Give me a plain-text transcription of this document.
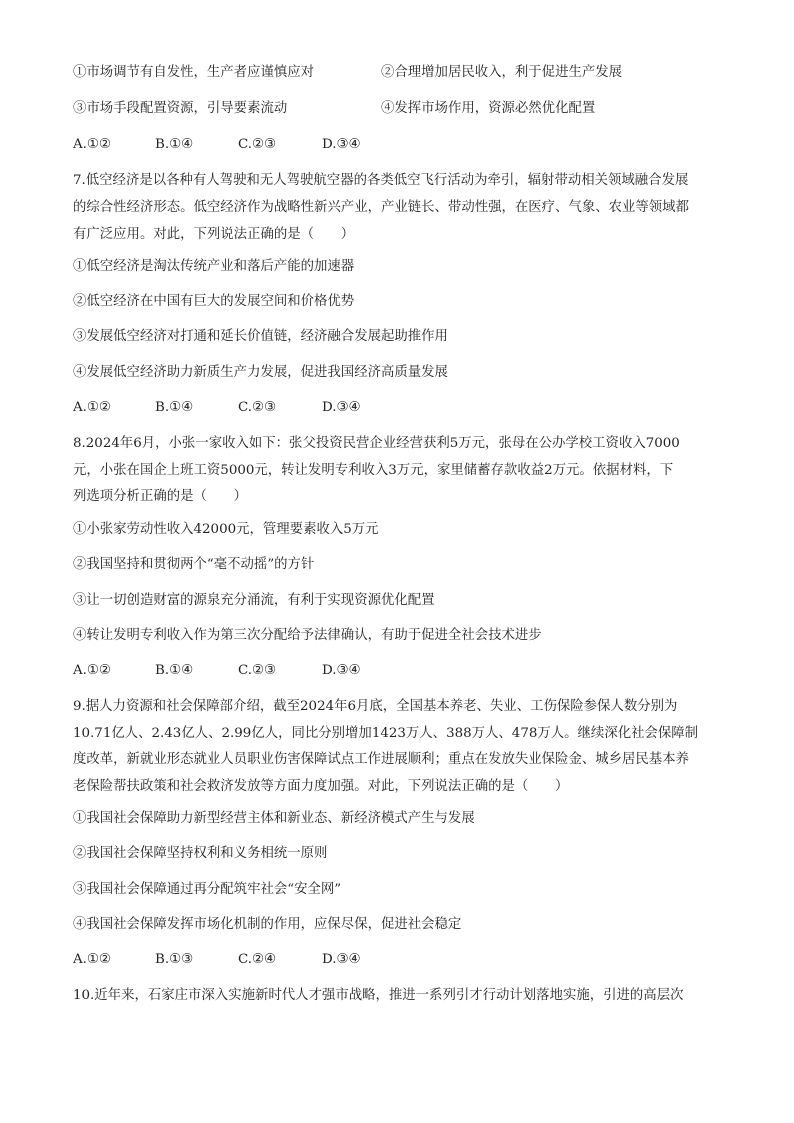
①市场调节有自发性，生产者应谨慎应对	②合理增加居民收入，利于促进生产发展
③市场手段配置资源，引导要素流动	④发挥市场作用，资源必然优化配置
A.①②	B.①④	C.②③	D.③④
7.低空经济是以各种有人驾驶和无人驾驶航空器的各类低空飞行活动为牵引，辐射带动相关领域融合发展
的综合性经济形态。低空经济作为战略性新兴产业，产业链长、带动性强，在医疗、气象、农业等领域都
有广泛应用。对此，下列说法正确的是（　　）
①低空经济是淘汰传统产业和落后产能的加速器
②低空经济在中国有巨大的发展空间和价格优势
③发展低空经济对打通和延长价值链，经济融合发展起助推作用
④发展低空经济助力新质生产力发展，促进我国经济高质量发展
A.①②	B.①④	C.②③	D.③④
8.2024年6月，小张一家收入如下：张父投资民营企业经营获利5万元，张母在公办学校工资收入7000
元，小张在国企上班工资5000元，转让发明专利收入3万元，家里储蓄存款收益2万元。依据材料，下
列选项分析正确的是（　　）
①小张家劳动性收入42000元，管理要素收入5万元
②我国坚持和贯彻两个“毫不动摇”的方针
③让一切创造财富的源泉充分涌流，有利于实现资源优化配置
④转让发明专利收入作为第三次分配给予法律确认，有助于促进全社会技术进步
A.①②	B.①④	C.②③	D.③④
9.据人力资源和社会保障部介绍，截至2024年6月底，全国基本养老、失业、工伤保险参保人数分别为
10.71亿人、2.43亿人、2.99亿人，同比分别增加1423万人、388万人、478万人。继续深化社会保障制
度改革，新就业形态就业人员职业伤害保障试点工作进展顺利；重点在发放失业保险金、城乡居民基本养
老保险帮扶政策和社会救济发放等方面力度加强。对此，下列说法正确的是（　　）
①我国社会保障助力新型经营主体和新业态、新经济模式产生与发展
②我国社会保障坚持权利和义务相统一原则
③我国社会保障通过再分配筑牢社会“安全网”
④我国社会保障发挥市场化机制的作用，应保尽保，促进社会稳定
A.①②	B.①③	C.②④	D.③④
10.近年来，石家庄市深入实施新时代人才强市战略，推进一系列引才行动计划落地实施，引进的高层次
